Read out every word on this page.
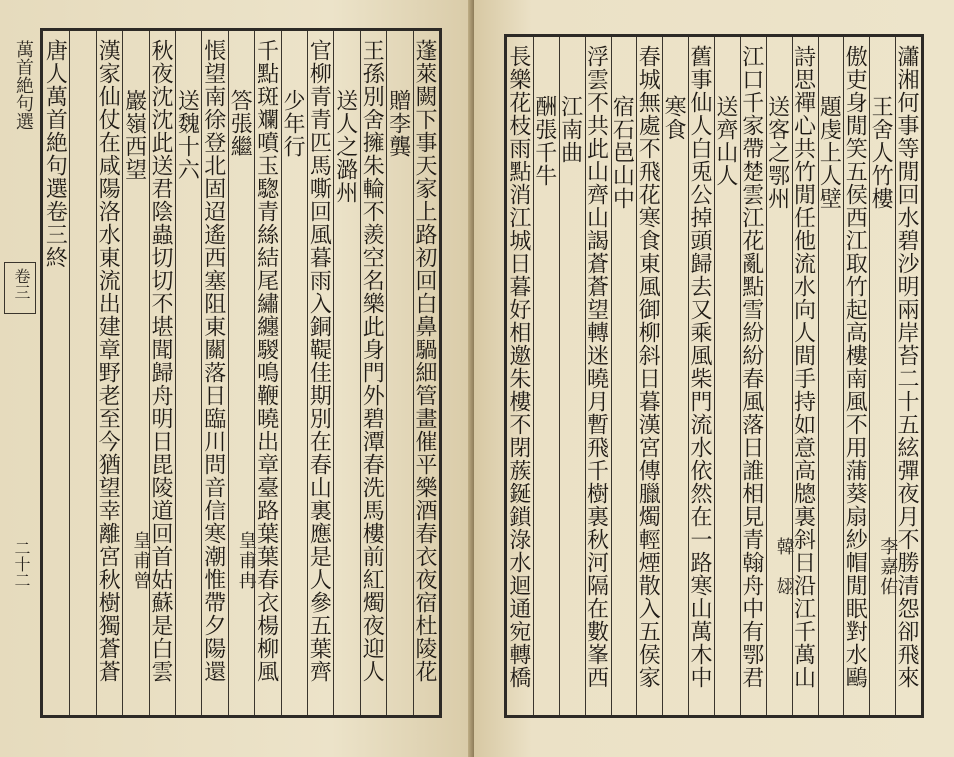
萬首絶句選
卷三
二十二
唐人萬首絶句選卷三終 漢家仙仗在咸陽洛水東流出建章野老至今猶望幸離宮秋樹獨蒼蒼 巖嶺西望
皇甫曾
秋夜沈沈此送君陰蟲切切不堪聞歸舟明日毘陵道回首姑蘇是白雲 送魏十六 悵望南徐登北固迢遙西塞阻東關落日臨川問音信寒潮惟帶夕陽還 答張繼
皇甫冉
千點斑斕噴玉騘青絲結尾繡纏騣鳴鞭曉出章臺路葉葉春衣楊柳風 少年行 官柳青青匹馬嘶回風暮雨入銅鞮佳期別在春山裏應是人參五葉齊 送人之潞州 王孫別舍擁朱輪不羨空名樂此身門外碧潭春洗馬樓前紅燭夜迎人 贈李龔 蓬萊闕下事天家上路初回白鼻騧細管畫催平樂酒春衣夜宿杜陵花	長樂花枝雨點消江城日暮好相邀朱樓不閉蔟鋋鎖淥水迴通宛轉橋 酬張千牛 江南曲 浮雲不共此山齊山謁蒼蒼望轉迷曉月暫飛千樹裏秋河隔在數峯西 宿石邑山中 春城無處不飛花寒食東風御柳斜日暮漢宮傳臘燭輕煙散入五侯家 寒食 舊事仙人白兎公掉頭歸去又乘風柴門流水依然在一路寒山萬木中 送齊山人 江口千家帶楚雲江花亂點雪紛紛春風落日誰相見青翰舟中有鄂君 送客之鄂州
韓　翃
詩思禪心共竹閒任他流水向人間手持如意高牕裏斜日沿江千萬山 題虔上人壁 傲吏身閒笑五侯西江取竹起高樓南風不用蒲葵扇紗帽閒眠對水鷗 王舍人竹樓
李嘉佑
瀟湘何事等閒回水碧沙明兩岸苔二十五絃彈夜月不勝清怨卻飛來
